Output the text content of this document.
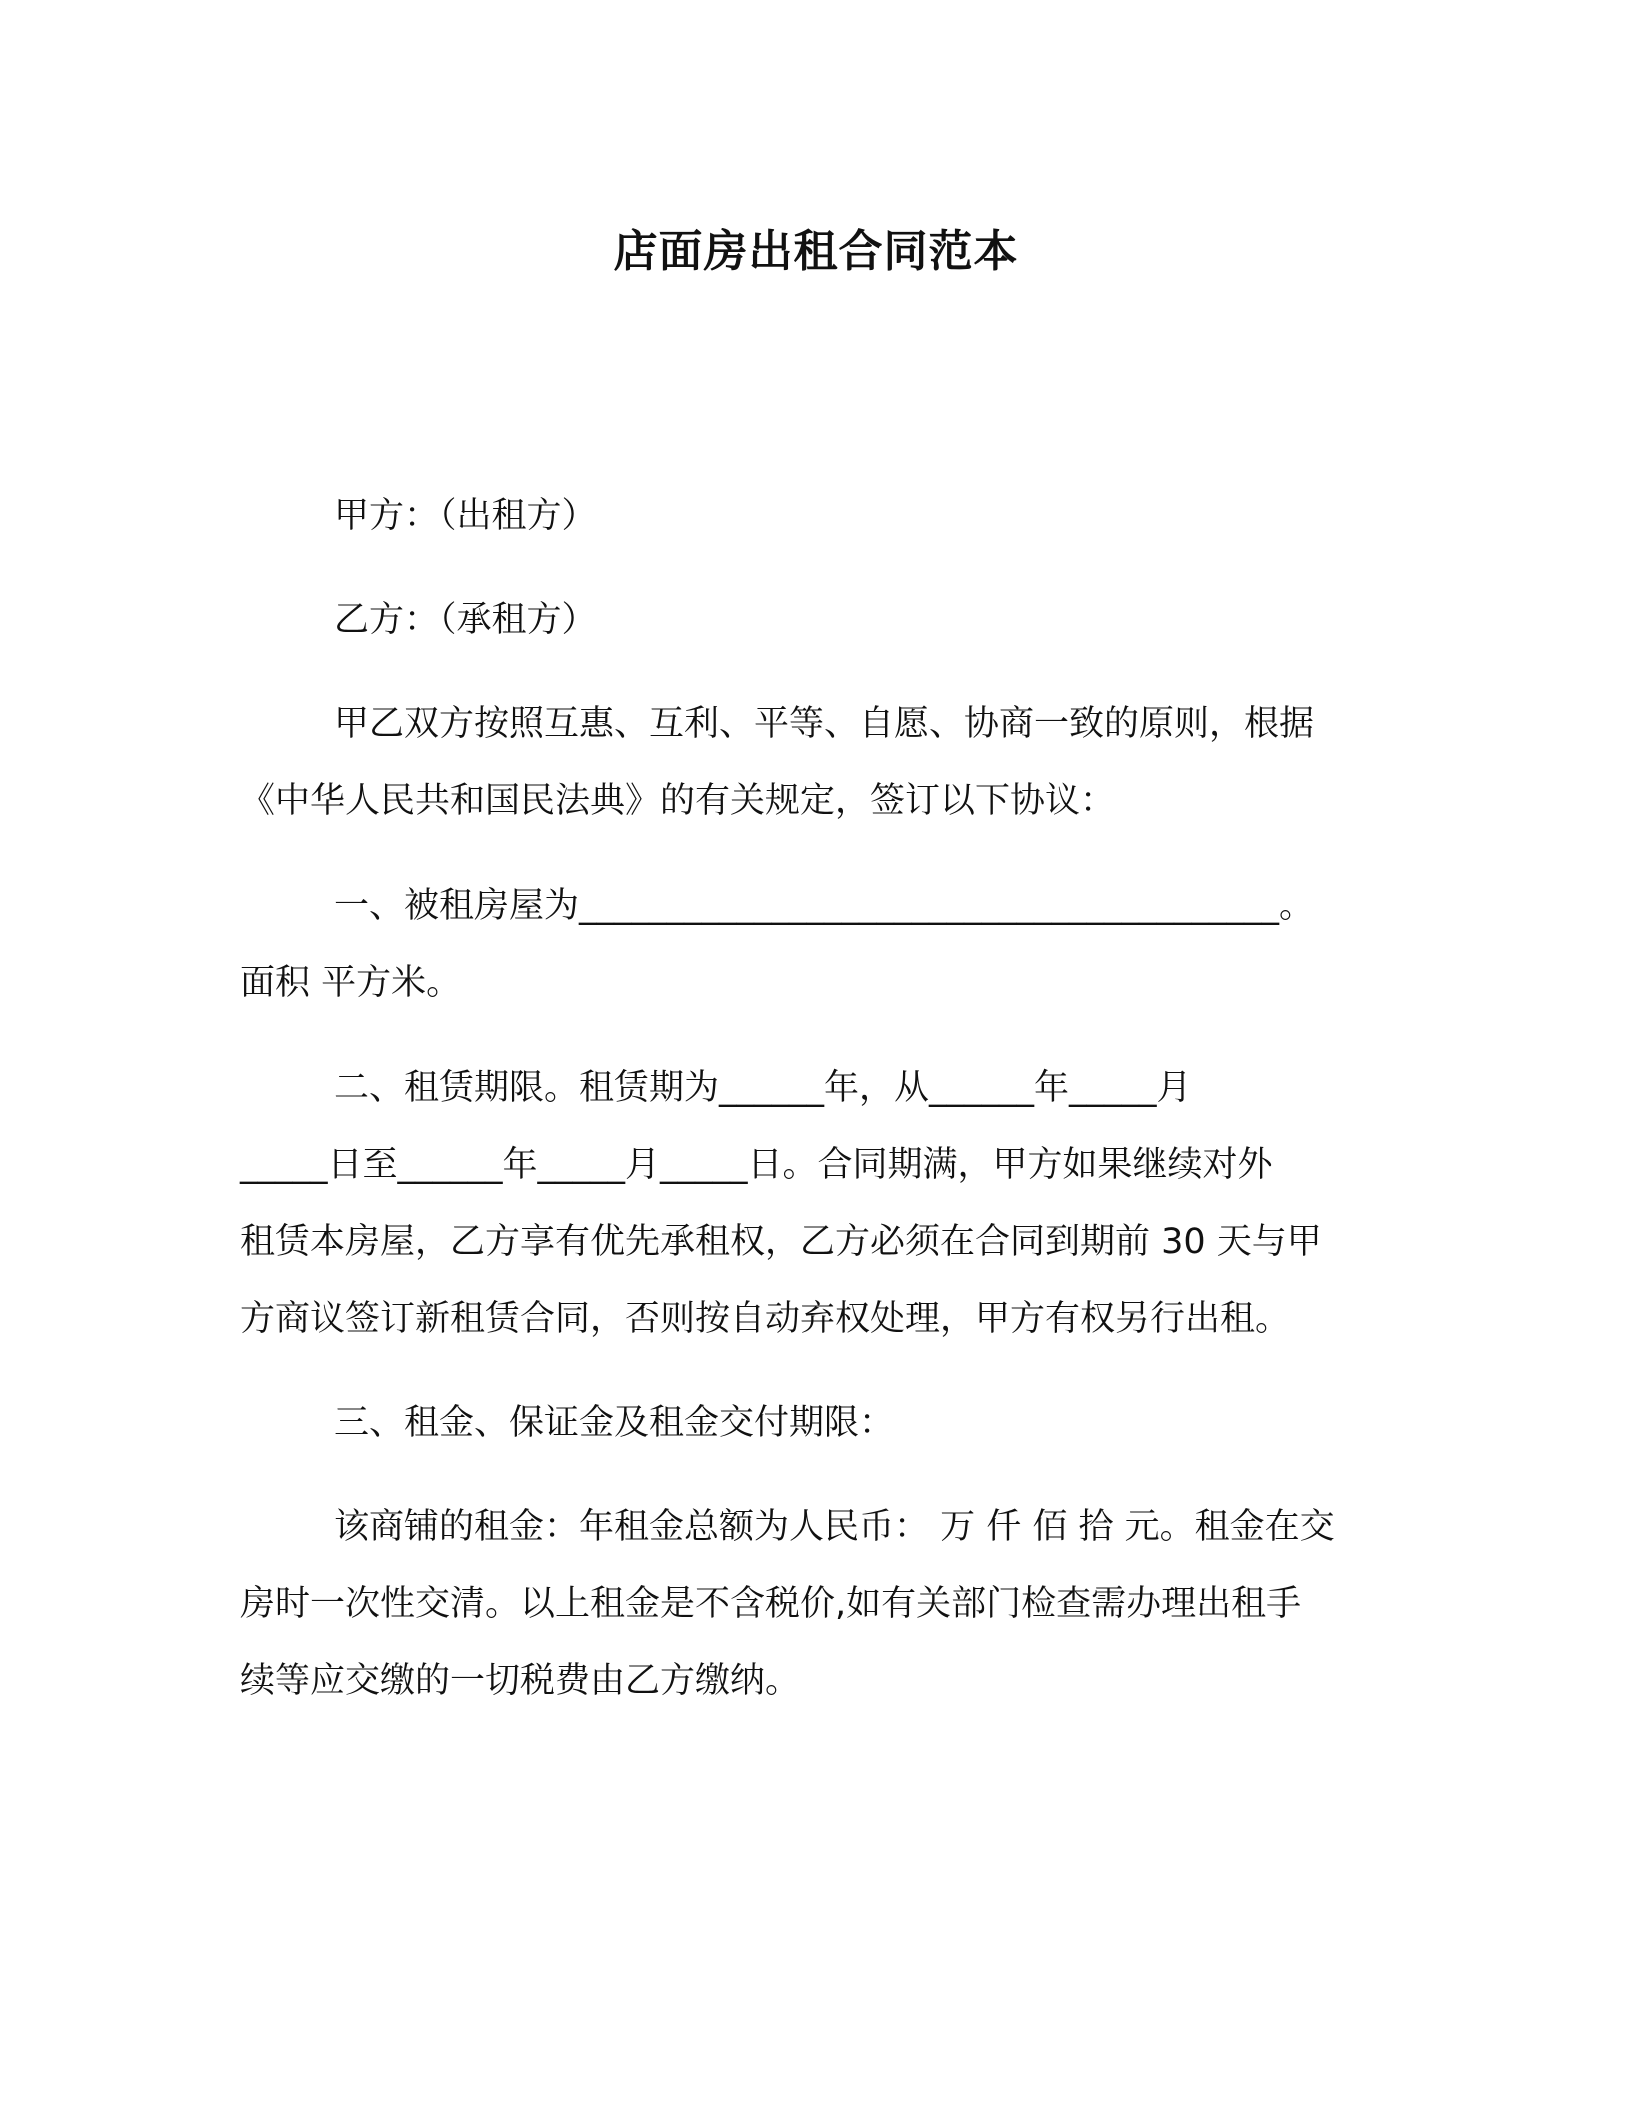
店面房出租合同范本

甲方：（出租方）

乙方：（承租方）

甲乙双方按照互惠、互利、平等、自愿、协商一致的原则，根据
《中华人民共和国民法典》的有关规定，签订以下协议：

一、被租房屋为________________________________________。
面积 平方米。

二、租赁期限。租赁期为______年，从______年_____月
_____日至______年_____月_____日。合同期满，甲方如果继续对外
租赁本房屋，乙方享有优先承租权，乙方必须在合同到期前 30 天与甲
方商议签订新租赁合同，否则按自动弃权处理，甲方有权另行出租。

三、租金、保证金及租金交付期限：

该商铺的租金：年租金总额为人民币： 万 仟 佰 拾 元。租金在交
房时一次性交清。以上租金是不含税价,如有关部门检查需办理出租手
续等应交缴的一切税费由乙方缴纳。
